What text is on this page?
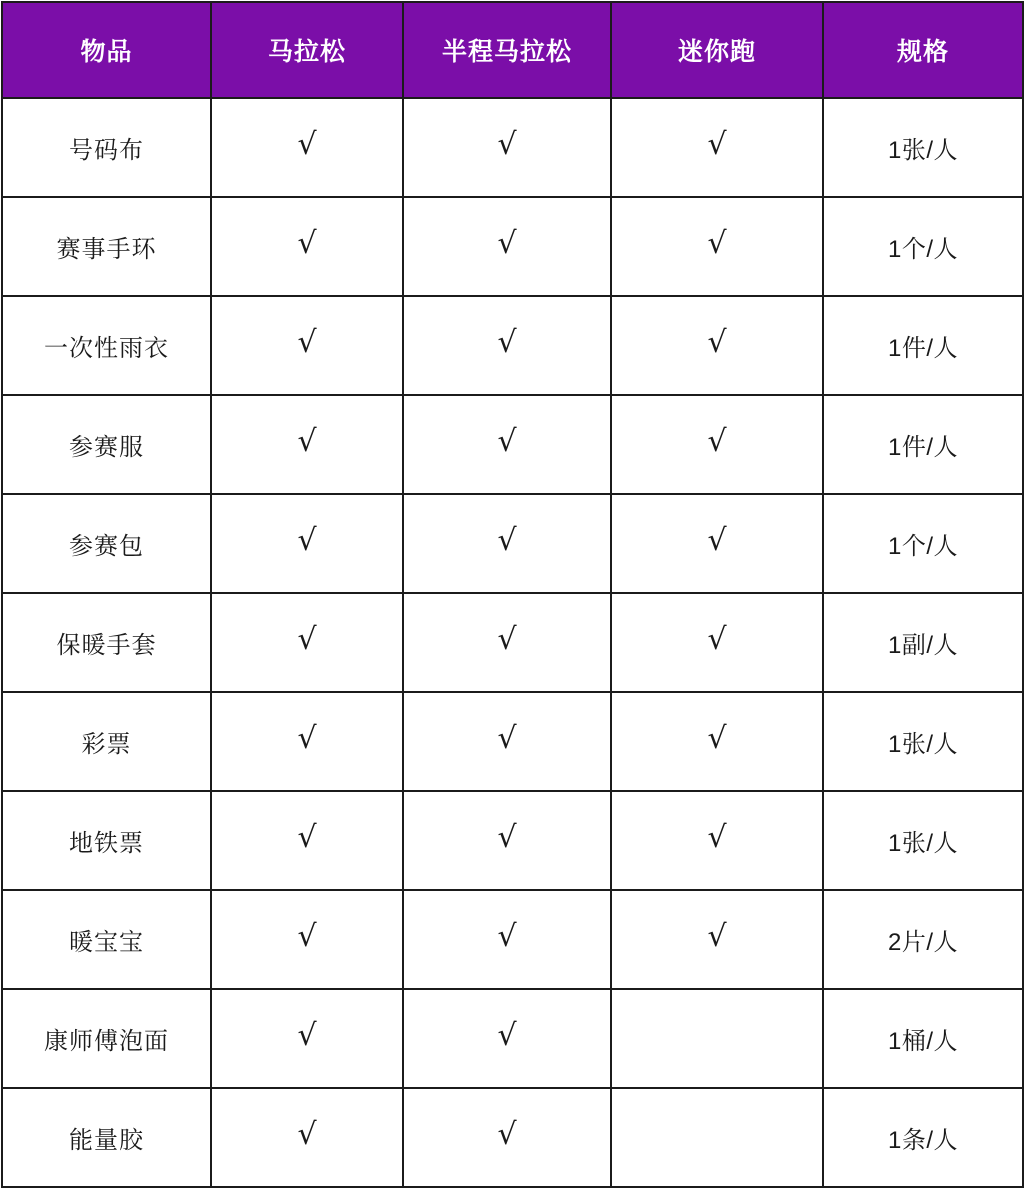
物品	马拉松	半程马拉松	迷你跑	规格
号码布	√	√	√	1张/人
赛事手环	√	√	√	1个/人
一次性雨衣	√	√	√	1件/人
参赛服	√	√	√	1件/人
参赛包	√	√	√	1个/人
保暖手套	√	√	√	1副/人
彩票	√	√	√	1张/人
地铁票	√	√	√	1张/人
暖宝宝	√	√	√	2片/人
康师傅泡面	√	√		1桶/人
能量胶	√	√		1条/人
